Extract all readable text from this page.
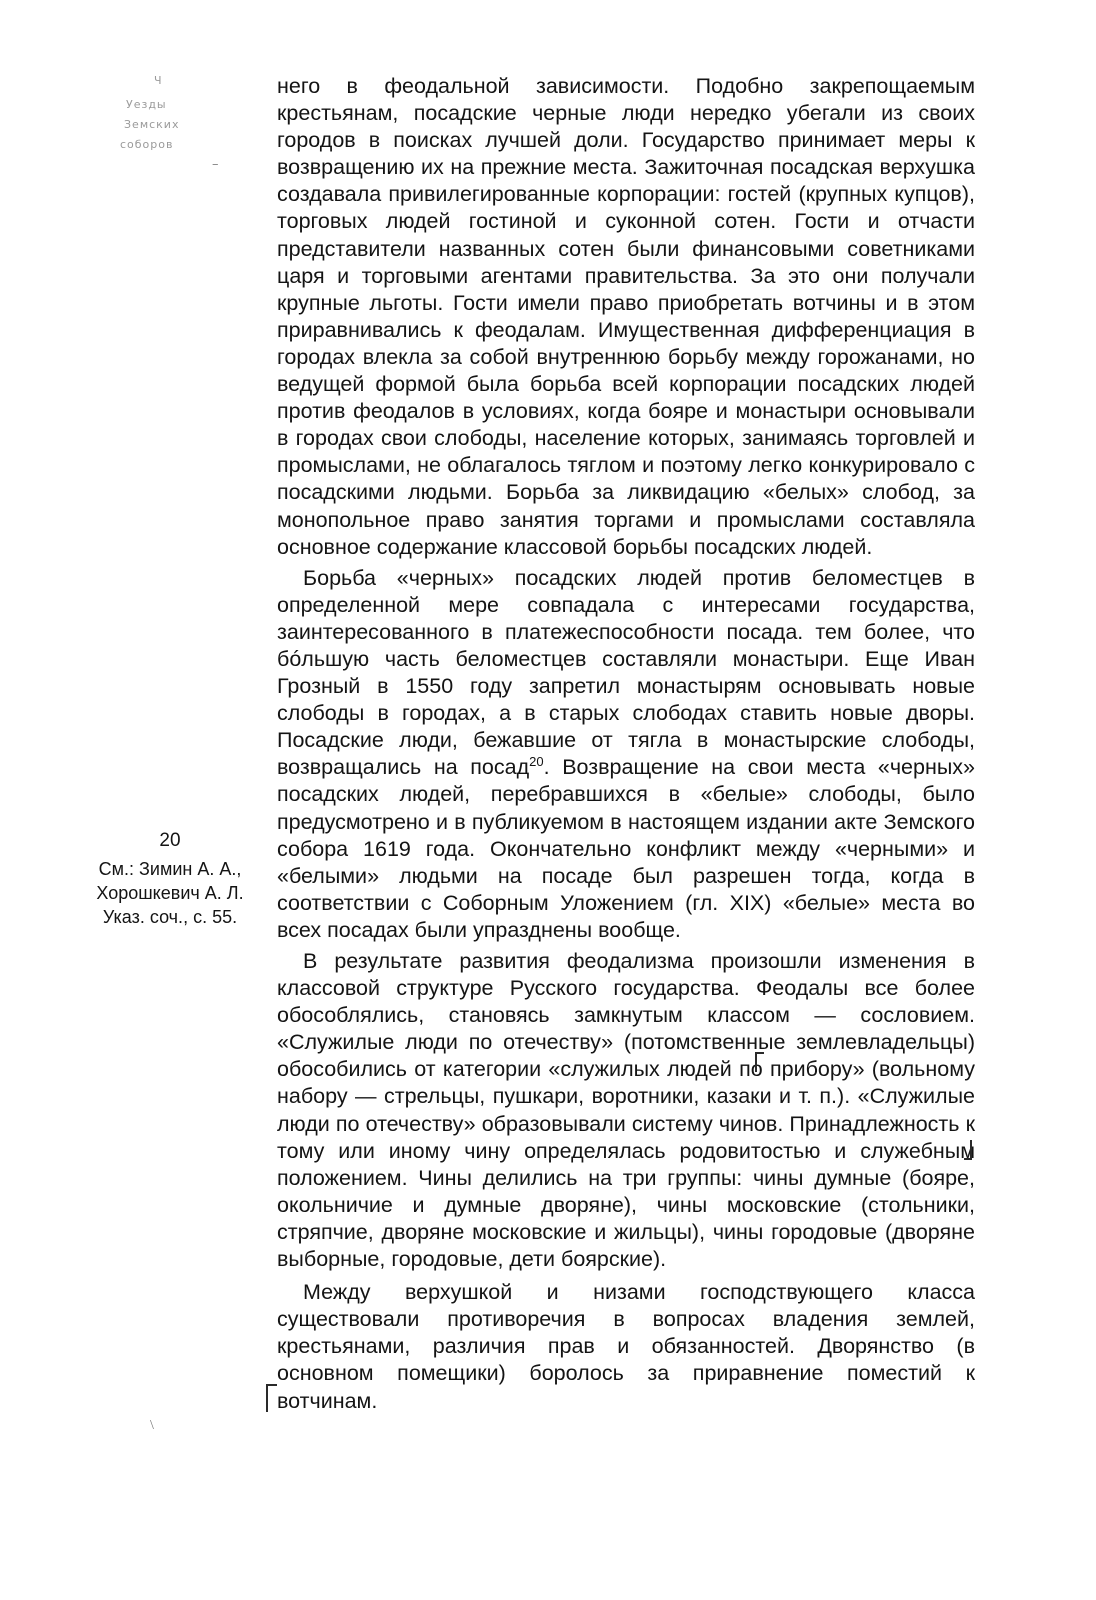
Ч
Уезды
Земских
соборов
–
20
См.: Зимин А. А.,
Хорошкевич А. Л.
Указ. соч., с. 55.

него в феодальной зависимости. Подобно закрепощаемым крестьянам, посадские черные люди нередко убегали из своих городов в поисках лучшей доли. Государство принимает меры к возвращению их на прежние места. Зажиточная посадская верхушка создавала привилегированные корпорации: гостей (крупных купцов), торговых людей гостиной и суконной сотен. Гости и отчасти представители названных сотен были финансовыми советниками царя и торговыми агентами правительства. За это они получали крупные льготы. Гости имели право приобретать вотчины и в этом приравнивались к феодалам. Имущественная дифференциация в городах влекла за собой внутреннюю борьбу между горожанами, но ведущей формой была борьба всей корпорации посадских людей против феодалов в условиях, когда бояре и монастыри основывали в городах свои слободы, население которых, занимаясь торговлей и промыслами, не облагалось тяглом и поэтому легко конкурировало с посадскими людьми. Борьба за ликвидацию «белых» слобод, за монопольное право занятия торгами и промыслами составляла основное содержание классовой борьбы посадских людей.

Борьба «черных» посадских людей против беломестцев в определенной мере совпадала с интересами государства, заинтересованного в платежеспособности посада. тем более, что бóльшую часть беломестцев составляли монастыри. Еще Иван Грозный в 1550 году запретил монастырям основывать новые слободы в городах, а в старых слободах ставить новые дворы. Посадские люди, бежавшие от тягла в монастырские слободы, возвращались на посад$^{20}$. Возвращение на свои места «черных» посадских людей, перебравшихся в «белые» слободы, было предусмотрено и в публикуемом в настоящем издании акте Земского собора 1619 года. Окончательно конфликт между «черными» и «белыми» людьми на посаде был разрешен тогда, когда в соответствии с Соборным Уложением (гл. XIX) «белые» места во всех посадах были упразднены вообще.

В результате развития феодализма произошли изменения в классовой структуре Русского государства. Феодалы все более обособлялись, становясь замкнутым классом — сословием. «Служилые люди по отечеству» (потомственные землевладельцы) обособились от категории «служилых людей по прибору» (вольному набору — стрельцы, пушкари, воротники, казаки и т. п.). «Служилые люди по отечеству» образовывали систему чинов. Принадлежность к тому или иному чину определялась родовитостью и служебным положением. Чины делились на три группы: чины думные (бояре, окольничие и думные дворяне), чины московские (стольники, стряпчие, дворяне московские и жильцы), чины городовые (дворяне выборные, городовые, дети боярские).

Между верхушкой и низами господствующего класса существовали противоречия в вопросах владения землей, крестьянами, различия прав и обязанностей. Дворянство (в основном помещики) боролось за приравнение поместий к вотчинам.

\
